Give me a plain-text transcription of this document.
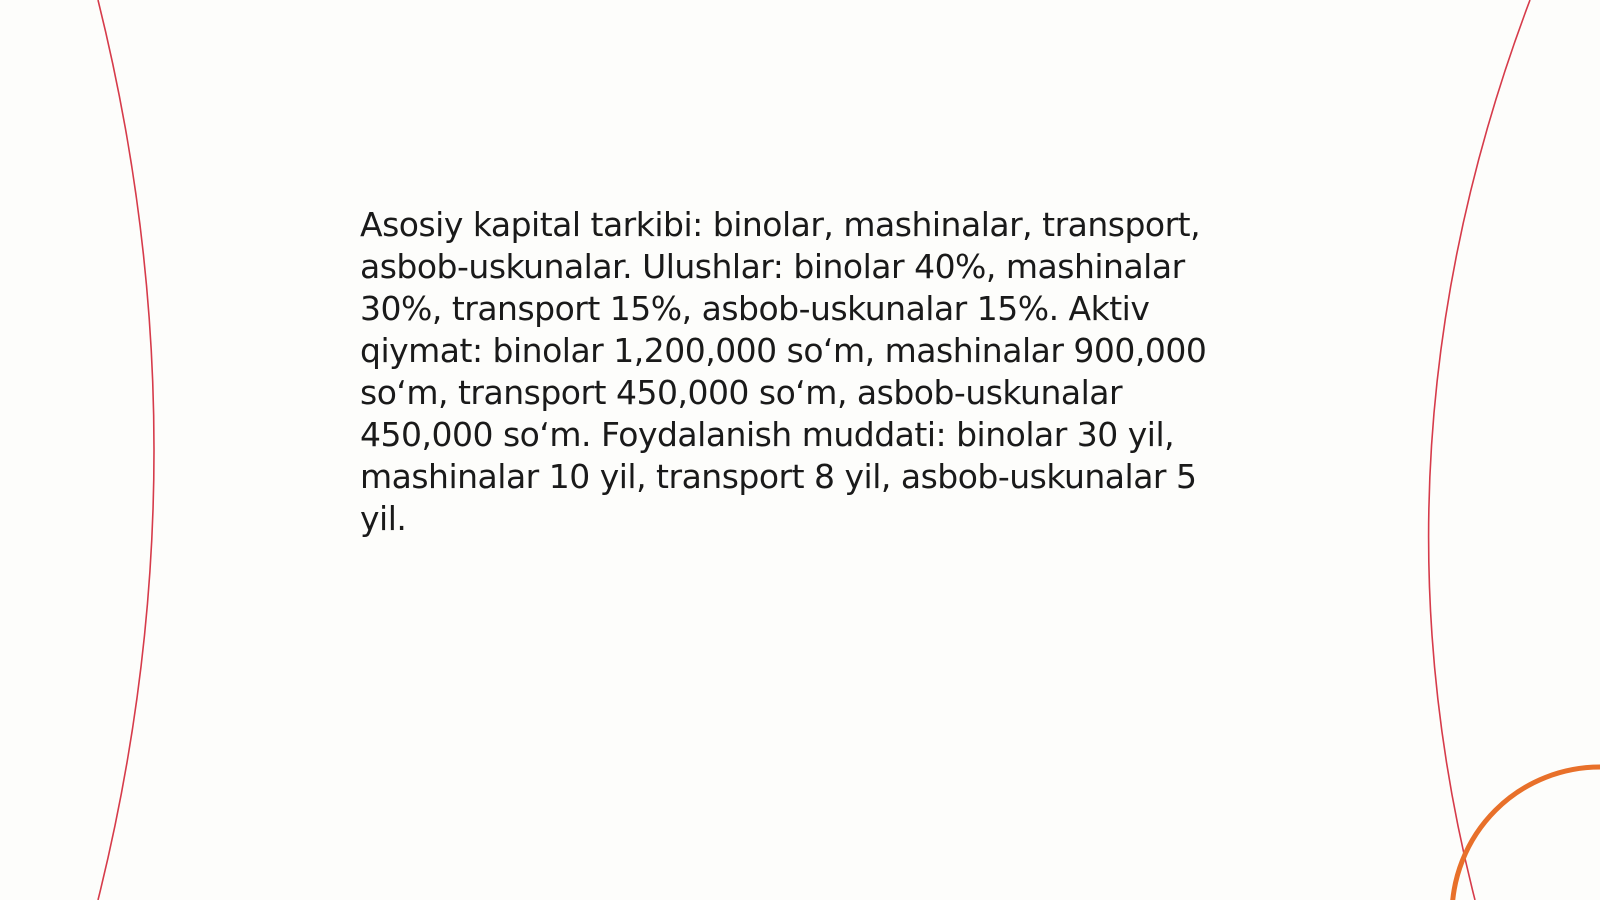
Asosiy kapital tarkibi: binolar, mashinalar, transport, asbob-uskunalar. Ulushlar: binolar 40%, mashinalar 30%, transport 15%, asbob-uskunalar 15%. Aktiv qiymat: binolar 1,200,000 so‘m, mashinalar 900,000 so‘m, transport 450,000 so‘m, asbob-uskunalar 450,000 so‘m. Foydalanish muddati: binolar 30 yil, mashinalar 10 yil, transport 8 yil, asbob-uskunalar 5 yil.
